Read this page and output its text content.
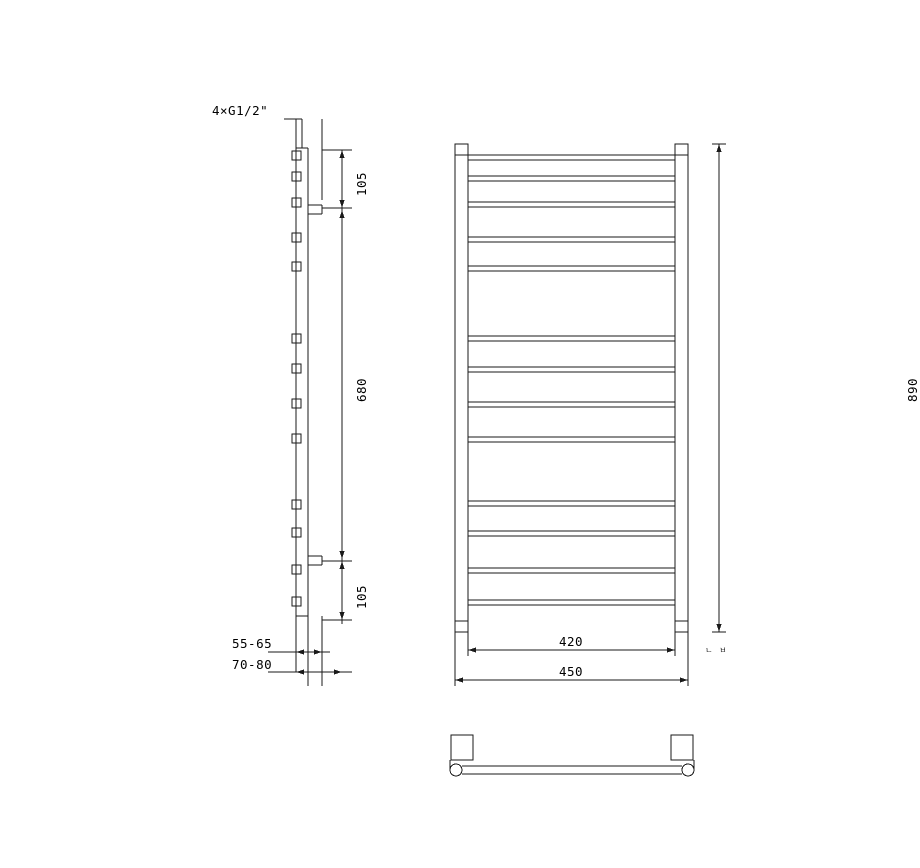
4×G1/2"
105
680
105
55-65
70-80
890
420
450
ㄴ ㅂ
